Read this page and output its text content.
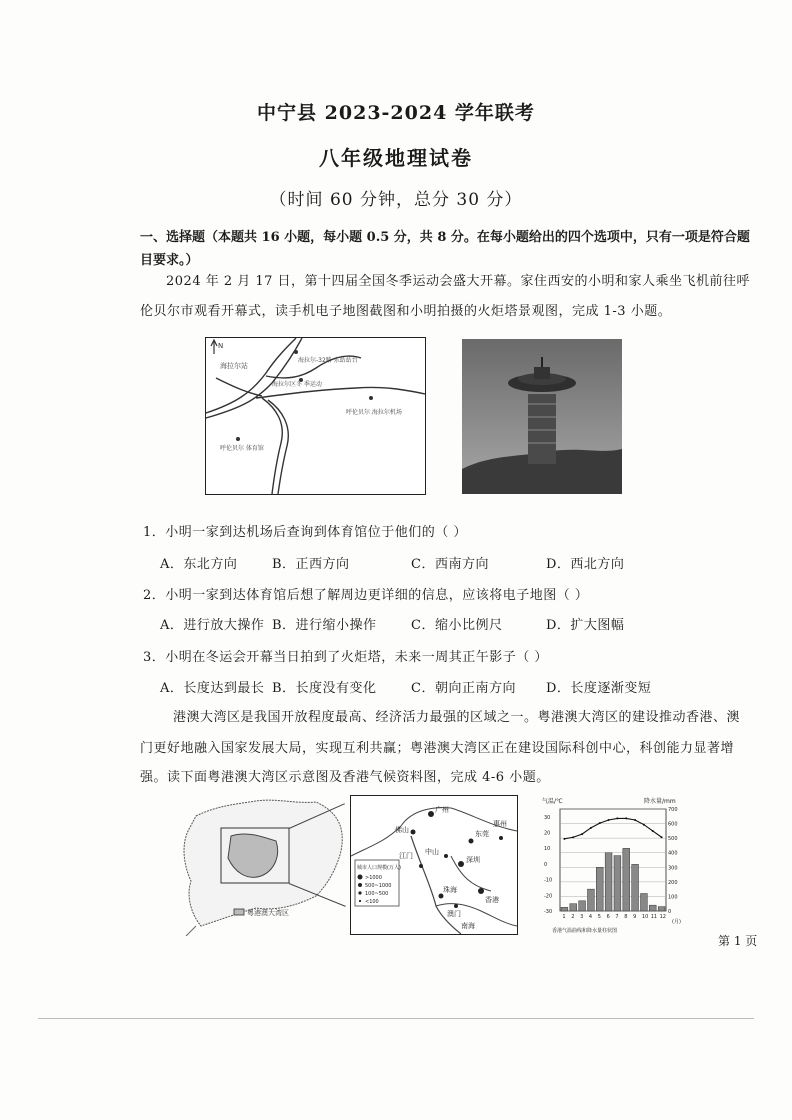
中宁县 2023-2024 学年联考
八年级地理试卷
（时间 60 分钟，总分 30 分）
一、选择题（本题共 16 小题，每小题 0.5 分，共 8 分。在每小题给出的四个选项中，只有一项是符合题目要求。）
2024 年 2 月 17 日，第十四届全国冬季运动会盛大开幕。家住西安的小明和家人乘坐飞机前往呼
伦贝尔市观看开幕式，读手机电子地图截图和小明拍摄的火炬塔景观图，完成 1-3 小题。
N
海拉尔站
海拉尔-32路 东站站台
海拉尔区冬 季运动
呼伦贝尔 海拉尔机场
呼伦贝尔 体育馆
1．小明一家到达机场后查询到体育馆位于他们的（ ）
A．东北方向	B．正西方向	C．西南方向	D．西北方向
2．小明一家到达体育馆后想了解周边更详细的信息，应该将电子地图（ ）
A．进行放大操作 B．进行缩小操作	C．缩小比例尺	D．扩大图幅
3．小明在冬运会开幕当日拍到了火炬塔，未来一周其正午影子（ ）
A．长度达到最长 B．长度没有变化	C．朝向正南方向 D．长度逐渐变短
港澳大湾区是我国开放程度最高、经济活力最强的区域之一。粤港澳大湾区的建设推动香港、澳
门更好地融入国家发展大局，实现互利共赢；粤港澳大湾区正在建设国际科创中心，科创能力显著增
强。读下面粤港澳大湾区示意图及香港气候资料图，完成 4-6 小题。
粤港澳大湾区
广州
佛山
江门 中山
深圳
珠海
澳门
香港
东莞
惠州
南海
城市人口规模(万人)
>1000
500~1000
100~500
<100
气温/℃	降水量/mm
香港气温曲线和降水量柱状图
(月)
700
600
500
400
300
200
100
0
30
20
10
0
-10
-20
-30
1 2 3 4 5 6 7 8 9 10 11 12
第 1 页
